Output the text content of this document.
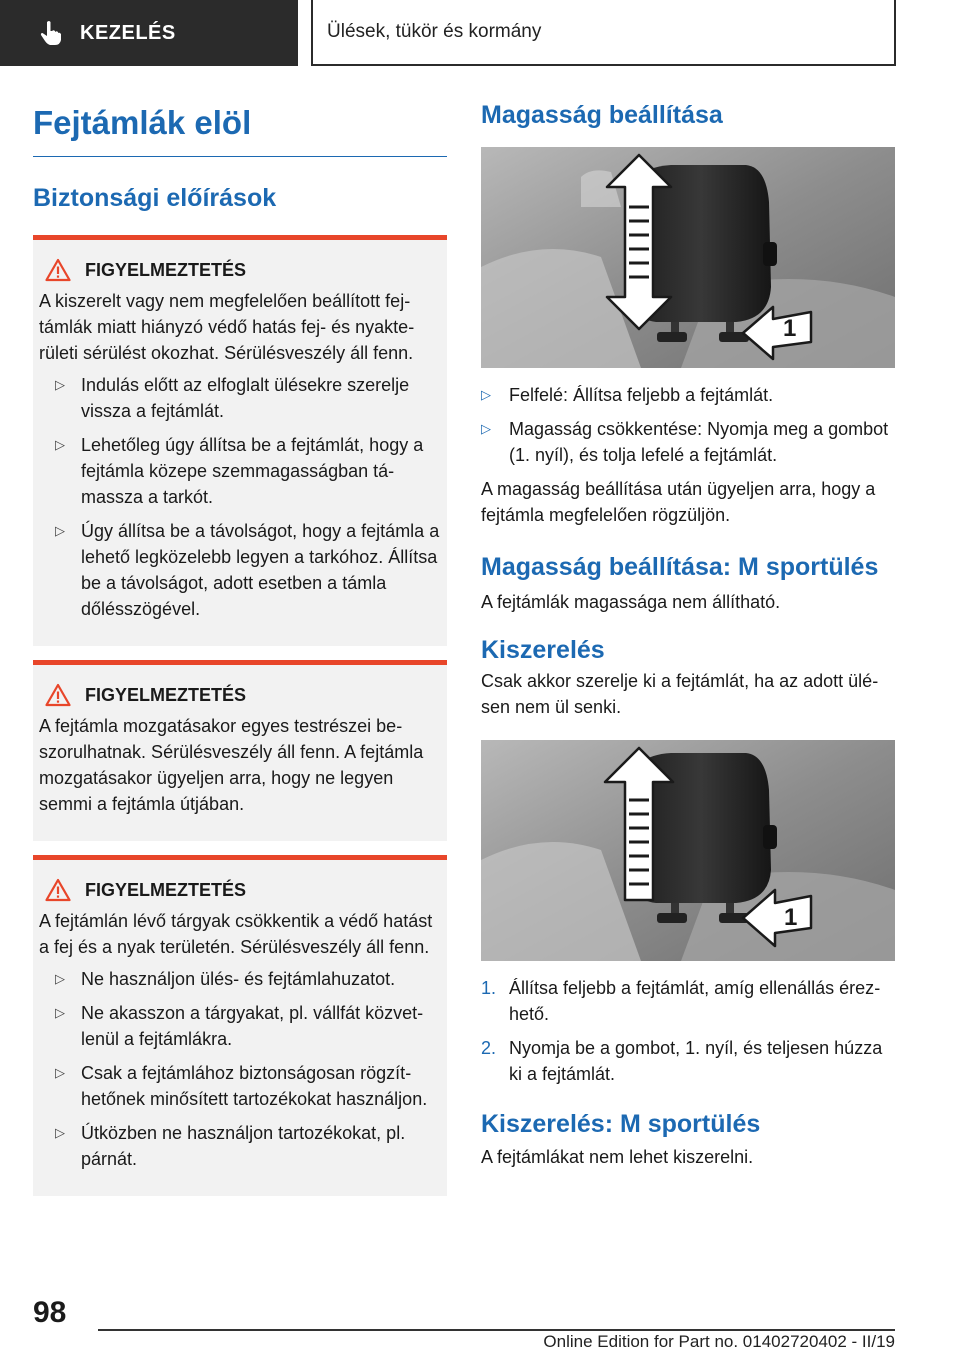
KEZELÉS	Ülések, tükör és kormány
Fejtámlák elöl
Biztonsági előírások
FIGYELMEZTETÉS
A kiszerelt vagy nem megfelelően beállított fejtámlák miatt hiányzó védő hatás fej- és nyakterületi sérülést okozhat. Sérülésveszély áll fenn.
▷ Indulás előtt az elfoglalt ülésekre szerelje vissza a fejtámlát.
▷ Lehetőleg úgy állítsa be a fejtámlát, hogy a fejtámla közepe szemmagasságban támassza a tarkót.
▷ Úgy állítsa be a távolságot, hogy a fejtámla a lehető legközelebb legyen a tarkóhoz. Állítsa be a távolságot, adott esetben a támla dőlésszögével.
FIGYELMEZTETÉS
A fejtámla mozgatásakor egyes testrészei beszorulhatnak. Sérülésveszély áll fenn. A fejtámla mozgatásakor ügyeljen arra, hogy ne legyen semmi a fejtámla útjában.
FIGYELMEZTETÉS
A fejtámlán lévő tárgyak csökkentik a védő hatást a fej és a nyak területén. Sérülésveszély áll fenn.
▷ Ne használjon ülés- és fejtámlahuzatot.
▷ Ne akasszon a tárgyakat, pl. vállfát közvetlenül a fejtámlákra.
▷ Csak a fejtámlához biztonságosan rögzíthetőnek minősített tartozékokat használjon.
▷ Útközben ne használjon tartozékokat, pl. párnát.
Magasság beállítása
1
▷	Felfelé: Állítsa feljebb a fejtámlát.
▷	Magasság csökkentése: Nyomja meg a gombot (1. nyíl), és tolja lefelé a fejtámlát.
A magasság beállítása után ügyeljen arra, hogy a fejtámla megfelelően rögzüljön.
Magasság beállítása: M sportülés
A fejtámlák magassága nem állítható.
Kiszerelés
Csak akkor szerelje ki a fejtámlát, ha az adott ülésen nem ül senki.
1
1. Állítsa feljebb a fejtámlát, amíg ellenállás érezhető.
2. Nyomja be a gombot, 1. nyíl, és teljesen húzza ki a fejtámlát.
Kiszerelés: M sportülés
A fejtámlákat nem lehet kiszerelni.
98
Online Edition for Part no. 01402720402 - II/19
